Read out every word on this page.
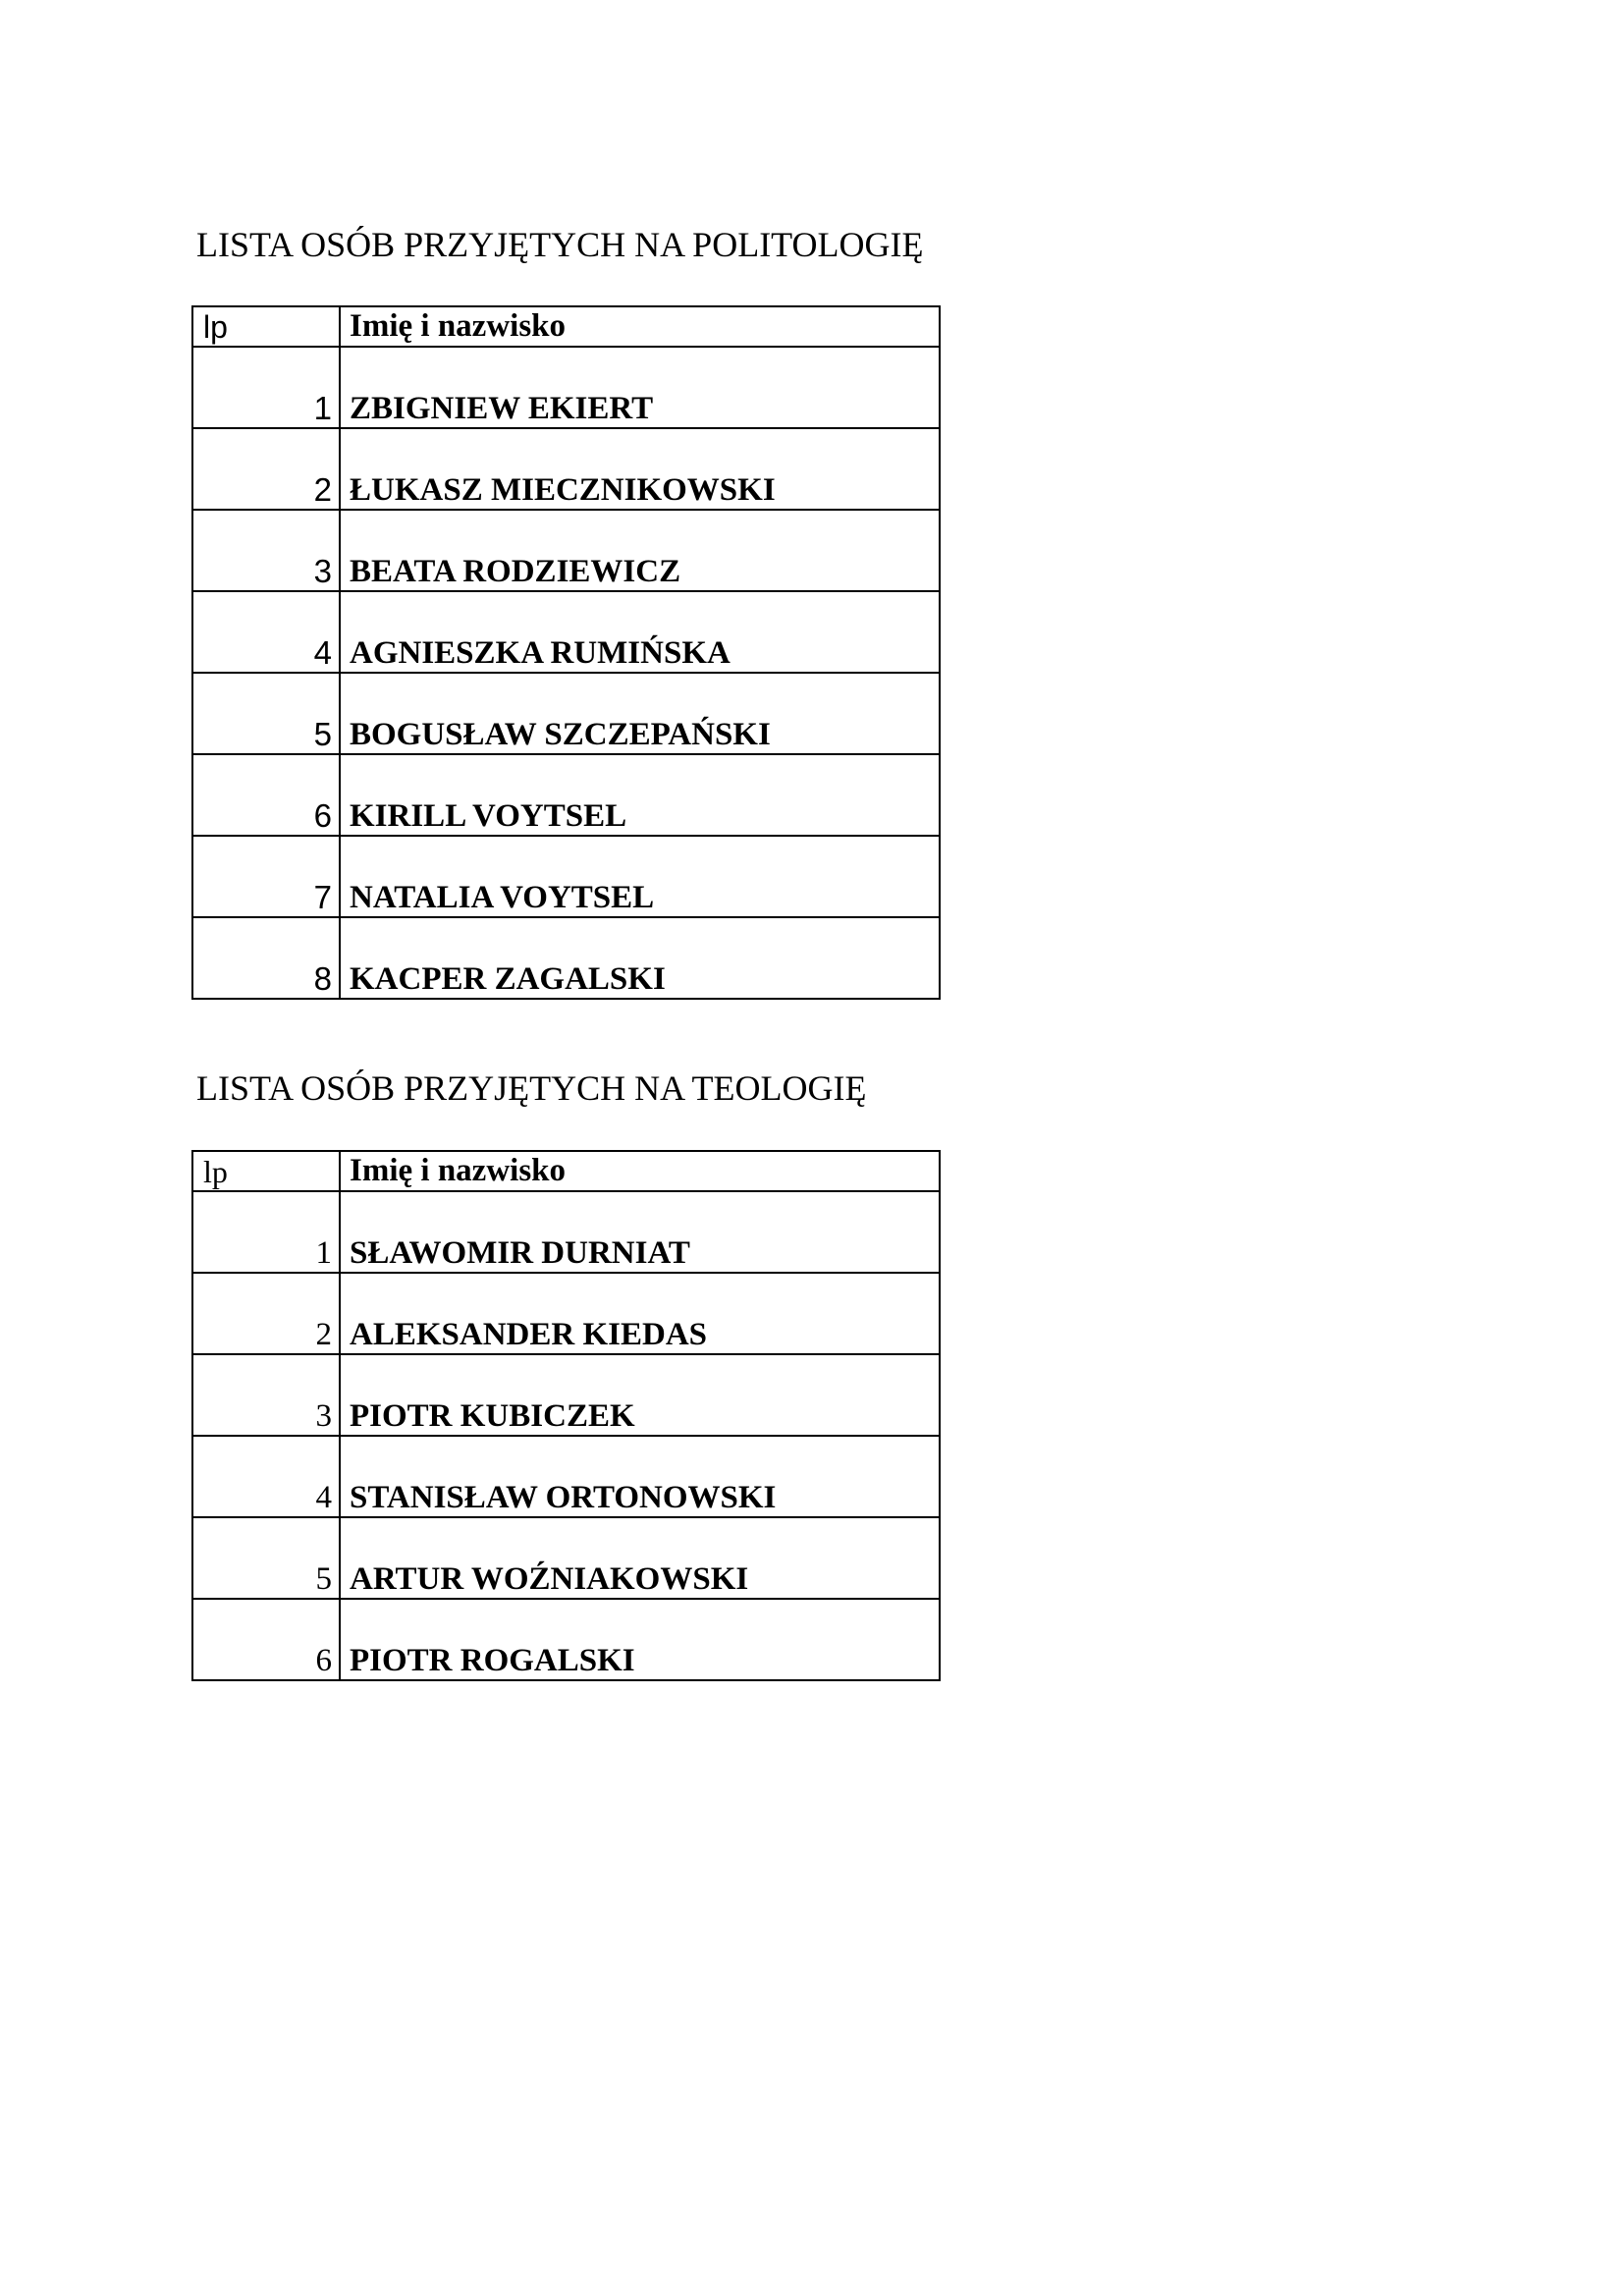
LISTA OSÓB PRZYJĘTYCH NA POLITOLOGIĘ
lp	Imię i nazwisko
1	ZBIGNIEW EKIERT
2	ŁUKASZ MIECZNIKOWSKI
3	BEATA RODZIEWICZ
4	AGNIESZKA RUMIŃSKA
5	BOGUSŁAW SZCZEPAŃSKI
6	KIRILL VOYTSEL
7	NATALIA VOYTSEL
8	KACPER ZAGALSKI
LISTA OSÓB PRZYJĘTYCH NA TEOLOGIĘ
lp	Imię i nazwisko
1	SŁAWOMIR DURNIAT
2	ALEKSANDER KIEDAS
3	PIOTR KUBICZEK
4	STANISŁAW ORTONOWSKI
5	ARTUR WOŹNIAKOWSKI
6	PIOTR ROGALSKI
